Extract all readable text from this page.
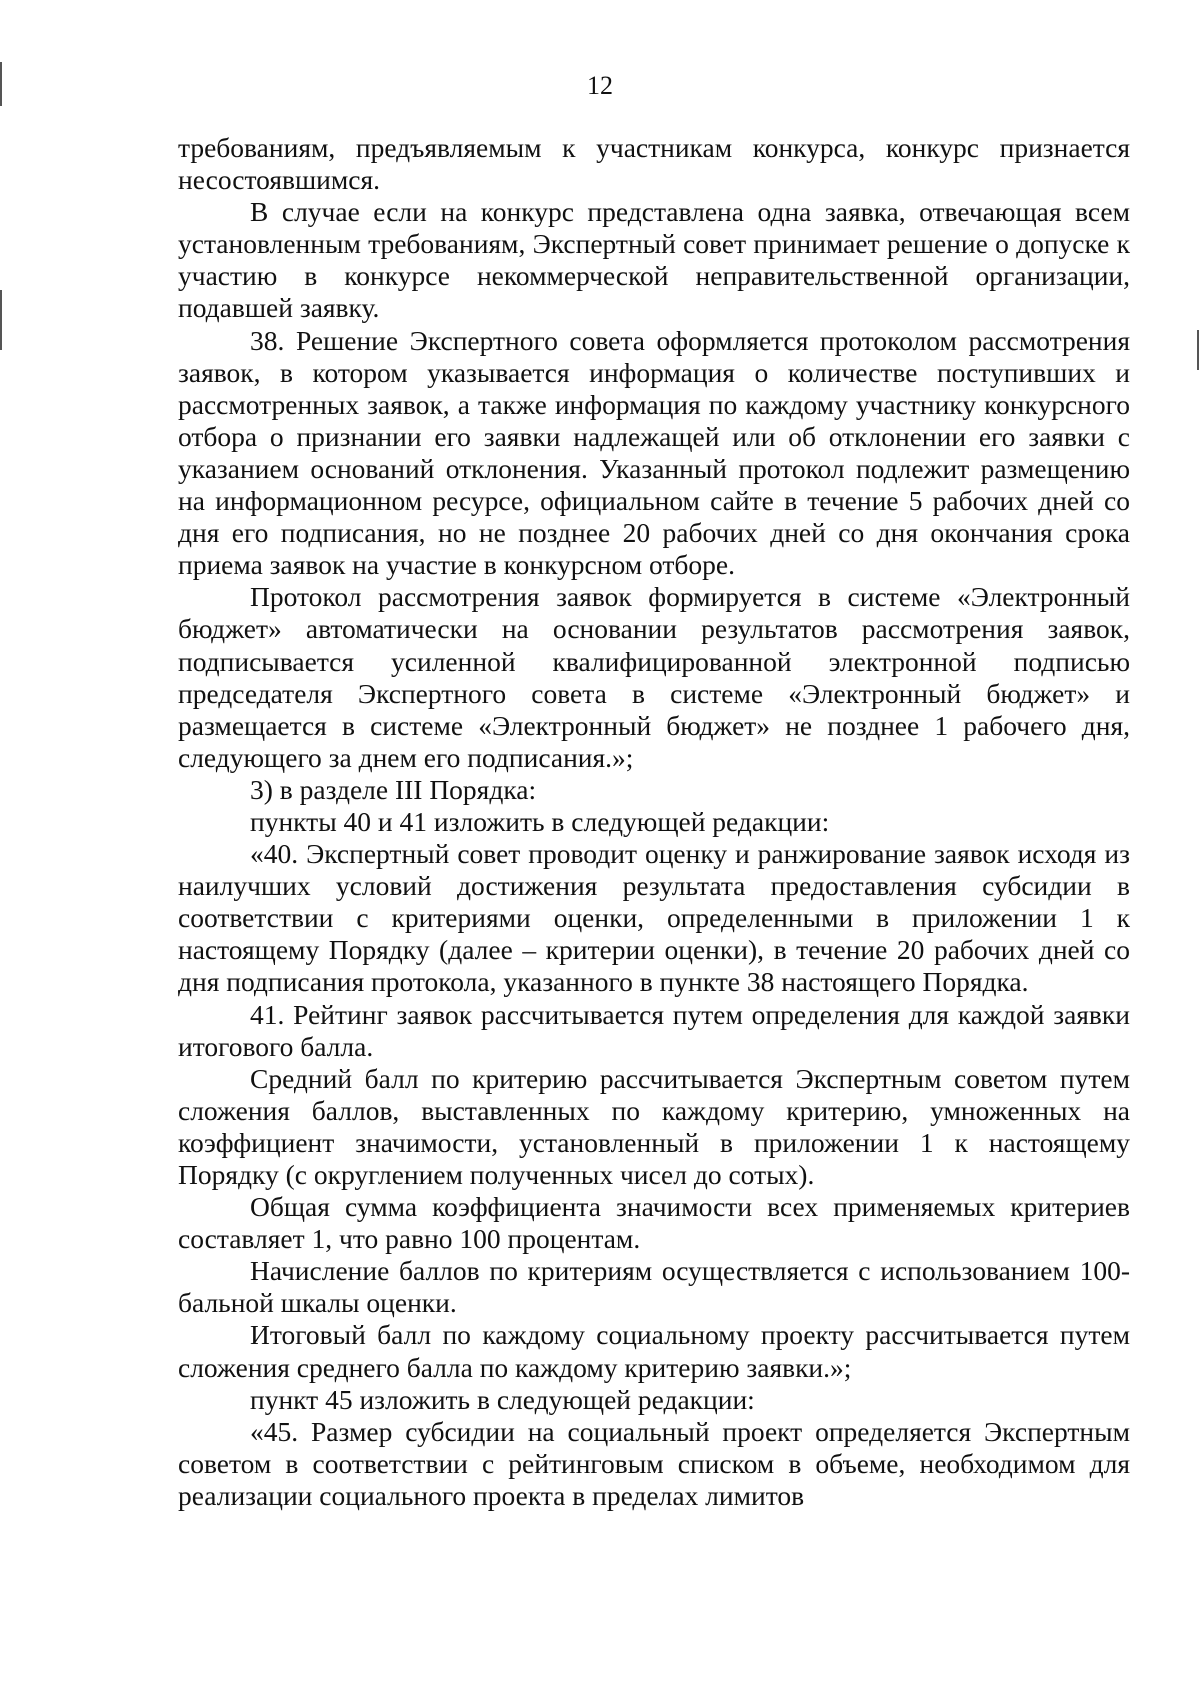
12

требованиям, предъявляемым к участникам конкурса, конкурс признается несостоявшимся.

В случае если на конкурс представлена одна заявка, отвечающая всем установленным требованиям, Экспертный совет принимает решение о допуске к участию в конкурсе некоммерческой неправительственной организации, подавшей заявку.

38. Решение Экспертного совета оформляется протоколом рассмотрения заявок, в котором указывается информация о количестве поступивших и рассмотренных заявок, а также информация по каждому участнику конкурсного отбора о признании его заявки надлежащей или об отклонении его заявки с указанием оснований отклонения. Указанный протокол подлежит размещению на информационном ресурсе, официальном сайте в течение 5 рабочих дней со дня его подписания, но не позднее 20 рабочих дней со дня окончания срока приема заявок на участие в конкурсном отборе.

Протокол рассмотрения заявок формируется в системе «Электронный бюджет» автоматически на основании результатов рассмотрения заявок, подписывается усиленной квалифицированной электронной подписью председателя Экспертного совета в системе «Электронный бюджет» и размещается в системе «Электронный бюджет» не позднее 1 рабочего дня, следующего за днем его подписания.»;

3) в разделе III Порядка:

пункты 40 и 41 изложить в следующей редакции:

«40. Экспертный совет проводит оценку и ранжирование заявок исходя из наилучших условий достижения результата предоставления субсидии в соответствии с критериями оценки, определенными в приложении 1 к настоящему Порядку (далее – критерии оценки), в течение 20 рабочих дней со дня подписания протокола, указанного в пункте 38 настоящего Порядка.

41. Рейтинг заявок рассчитывается путем определения для каждой заявки итогового балла.

Средний балл по критерию рассчитывается Экспертным советом путем сложения баллов, выставленных по каждому критерию, умноженных на коэффициент значимости, установленный в приложении 1 к настоящему Порядку (с округлением полученных чисел до сотых).

Общая сумма коэффициента значимости всех применяемых критериев составляет 1, что равно 100 процентам.

Начисление баллов по критериям осуществляется с использованием 100-бальной шкалы оценки.

Итоговый балл по каждому социальному проекту рассчитывается путем сложения среднего балла по каждому критерию заявки.»;

пункт 45 изложить в следующей редакции:

«45. Размер субсидии на социальный проект определяется Экспертным советом в соответствии с рейтинговым списком в объеме, необходимом для реализации социального проекта в пределах лимитов
